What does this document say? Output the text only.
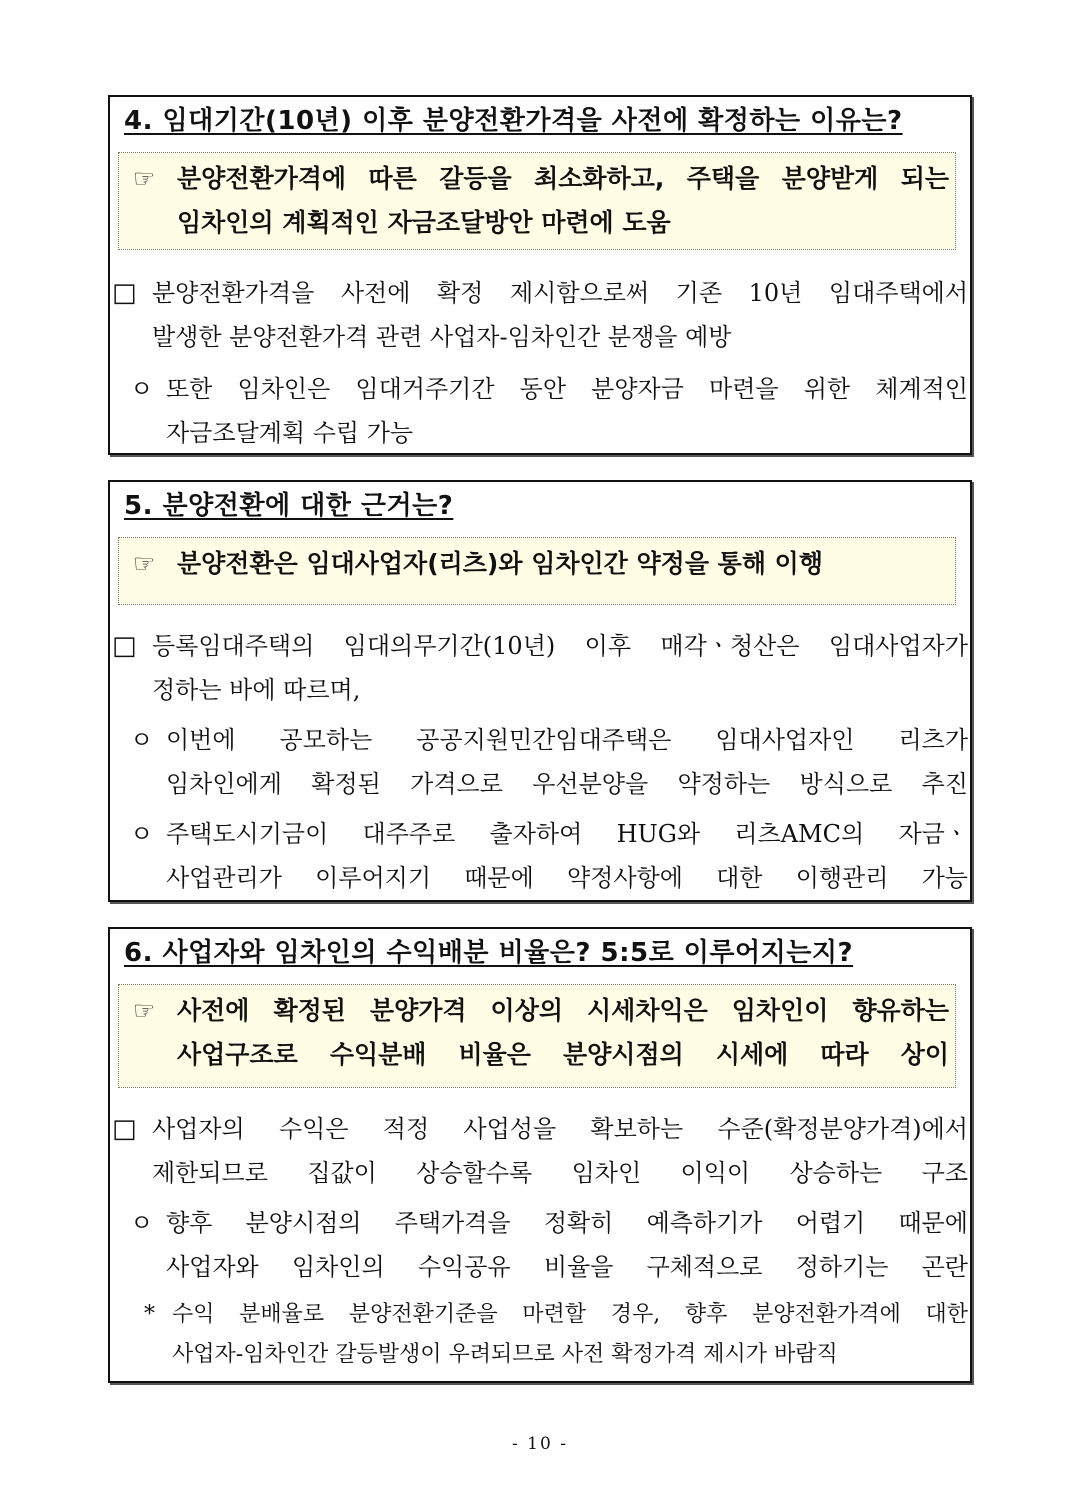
4. 임대기간(10년) 이후 분양전환가격을 사전에 확정하는 이유는?
☞ 분양전환가격에 따른 갈등을 최소화하고, 주택을 분양받게 되는
임차인의 계획적인 자금조달방안 마련에 도움
□ 분양전환가격을 사전에 확정 제시함으로써 기존 10년 임대주택에서
발생한 분양전환가격 관련 사업자-임차인간 분쟁을 예방
ㅇ 또한 임차인은 임대거주기간 동안 분양자금 마련을 위한 체계적인
자금조달계획 수립 가능
5. 분양전환에 대한 근거는?
☞ 분양전환은 임대사업자(리츠)와 임차인간 약정을 통해 이행
□ 등록임대주택의 임대의무기간(10년) 이후 매각ㆍ청산은 임대사업자가
정하는 바에 따르며,
ㅇ 이번에 공모하는 공공지원민간임대주택은 임대사업자인 리츠가
임차인에게 확정된 가격으로 우선분양을 약정하는 방식으로 추진
ㅇ 주택도시기금이 대주주로 출자하여 HUG와 리츠AMC의 자금ㆍ
사업관리가 이루어지기 때문에 약정사항에 대한 이행관리 가능
6. 사업자와 임차인의 수익배분 비율은? 5:5로 이루어지는지?
☞ 사전에 확정된 분양가격 이상의 시세차익은 임차인이 향유하는
사업구조로 수익분배 비율은 분양시점의 시세에 따라 상이
□ 사업자의 수익은 적정 사업성을 확보하는 수준(확정분양가격)에서
제한되므로 집값이 상승할수록 임차인 이익이 상승하는 구조
ㅇ 향후 분양시점의 주택가격을 정확히 예측하기가 어렵기 때문에
사업자와 임차인의 수익공유 비율을 구체적으로 정하기는 곤란
* 수익 분배율로 분양전환기준을 마련할 경우, 향후 분양전환가격에 대한
사업자-임차인간 갈등발생이 우려되므로 사전 확정가격 제시가 바람직
- 10 -
